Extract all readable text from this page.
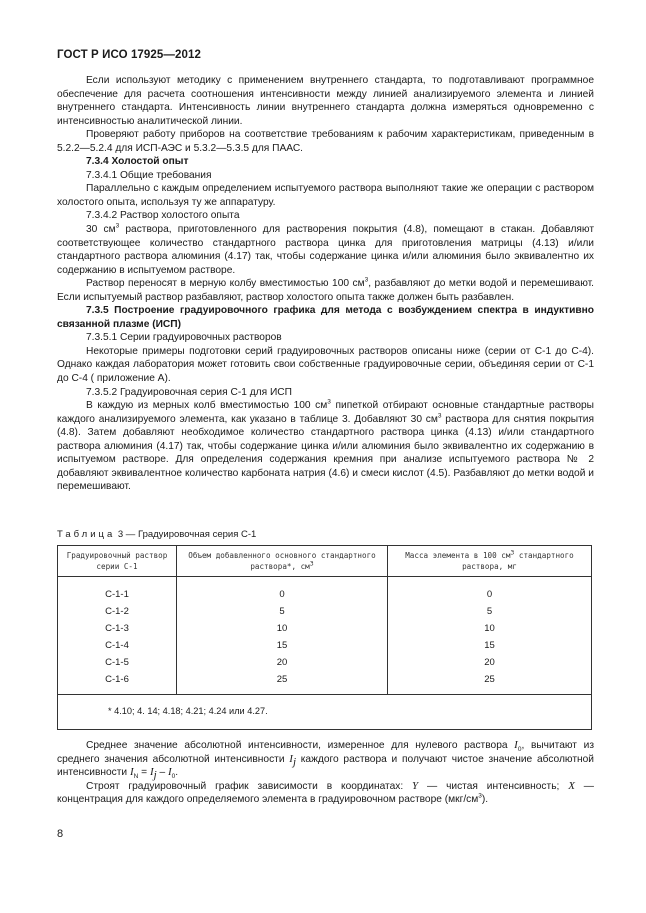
ГОСТ Р ИСО 17925—2012

Если используют методику с применением внутреннего стандарта, то подготавливают программное обеспечение для расчета соотношения интенсивности между линией анализируемого элемента и линией внутреннего стандарта. Интенсивность линии внутреннего стандарта должна измеряться одновременно с интенсивностью аналитической линии.

Проверяют работу приборов на соответствие требованиям к рабочим характеристикам, приведенным в 5.2.2—5.2.4 для ИСП-АЭС и 5.3.2—5.3.5 для ПААС.

7.3.4 Холостой опыт

7.3.4.1 Общие требования

Параллельно с каждым определением испытуемого раствора выполняют такие же операции с раствором холостого опыта, используя ту же аппаратуру.

7.3.4.2 Раствор холостого опыта

30 $см^3$ раствора, приготовленного для растворения покрытия (4.8), помещают в стакан. Добавляют соответствующее количество стандартного раствора цинка для приготовления матрицы (4.13) и/или стандартного раствора алюминия (4.17) так, чтобы содержание цинка и/или алюминия было эквивалентно их содержанию в испытуемом растворе.

Раствор переносят в мерную колбу вместимостью 100 $см^3$, разбавляют до метки водой и перемешивают. Если испытуемый раствор разбавляют, раствор холостого опыта также должен быть разбавлен.

7.3.5 Построение градуировочного графика для метода с возбуждением спектра в индуктивно связанной плазме (ИСП)

7.3.5.1 Серии градуировочных растворов

Некоторые примеры подготовки серий градуировочных растворов описаны ниже (серии от С-1 до С-4). Однако каждая лаборатория может готовить свои собственные градуировочные серии, объединяя серии от С-1 до С-4 ( приложение А).

7.3.5.2 Градуировочная серия С-1 для ИСП

В каждую из мерных колб вместимостью 100 $см^3$ пипеткой отбирают основные стандартные растворы каждого анализируемого элемента, как указано в таблице 3. Добавляют 30 $см^3$ раствора для снятия покрытия (4.8). Затем добавляют необходимое количество стандартного раствора цинка (4.13) и/или стандартного раствора алюминия (4.17) так, чтобы содержание цинка и/или алюминия было эквивалентно их содержанию в испытуемом растворе. Для определения содержания кремния при анализе испытуемого раствора № 2 добавляют эквивалентное количество карбоната натрия (4.6) и смеси кислот (4.5). Разбавляют до метки водой и перемешивают.

Таблица 3 — Градуировочная серия С-1
Градуировочный раствор серии С-1	Объем добавленного основного стандартного раствора*, $см^3$	Масса элемента в 100 $см^3$ стандартного раствора, мг
С-1-1	0	0
С-1-2	5	5
С-1-3	10	10
С-1-4	15	15
С-1-5	20	20
С-1-6	25	25
* 4.10; 4. 14; 4.18; 4.21; 4.24 или 4.27.		

Среднее значение абсолютной интенсивности, измеренное для нулевого раствора $I_0$, вычитают из среднего значения абсолютной интенсивности $I_j$ каждого раствора и получают чистое значение абсолютной интенсивности $I_N = I_j - I_0$.

Строят градуировочный график зависимости в координатах: Y — чистая интенсивность; X — концентрация для каждого определяемого элемента в градуировочном растворе $(мкг/см^3)$.

8
